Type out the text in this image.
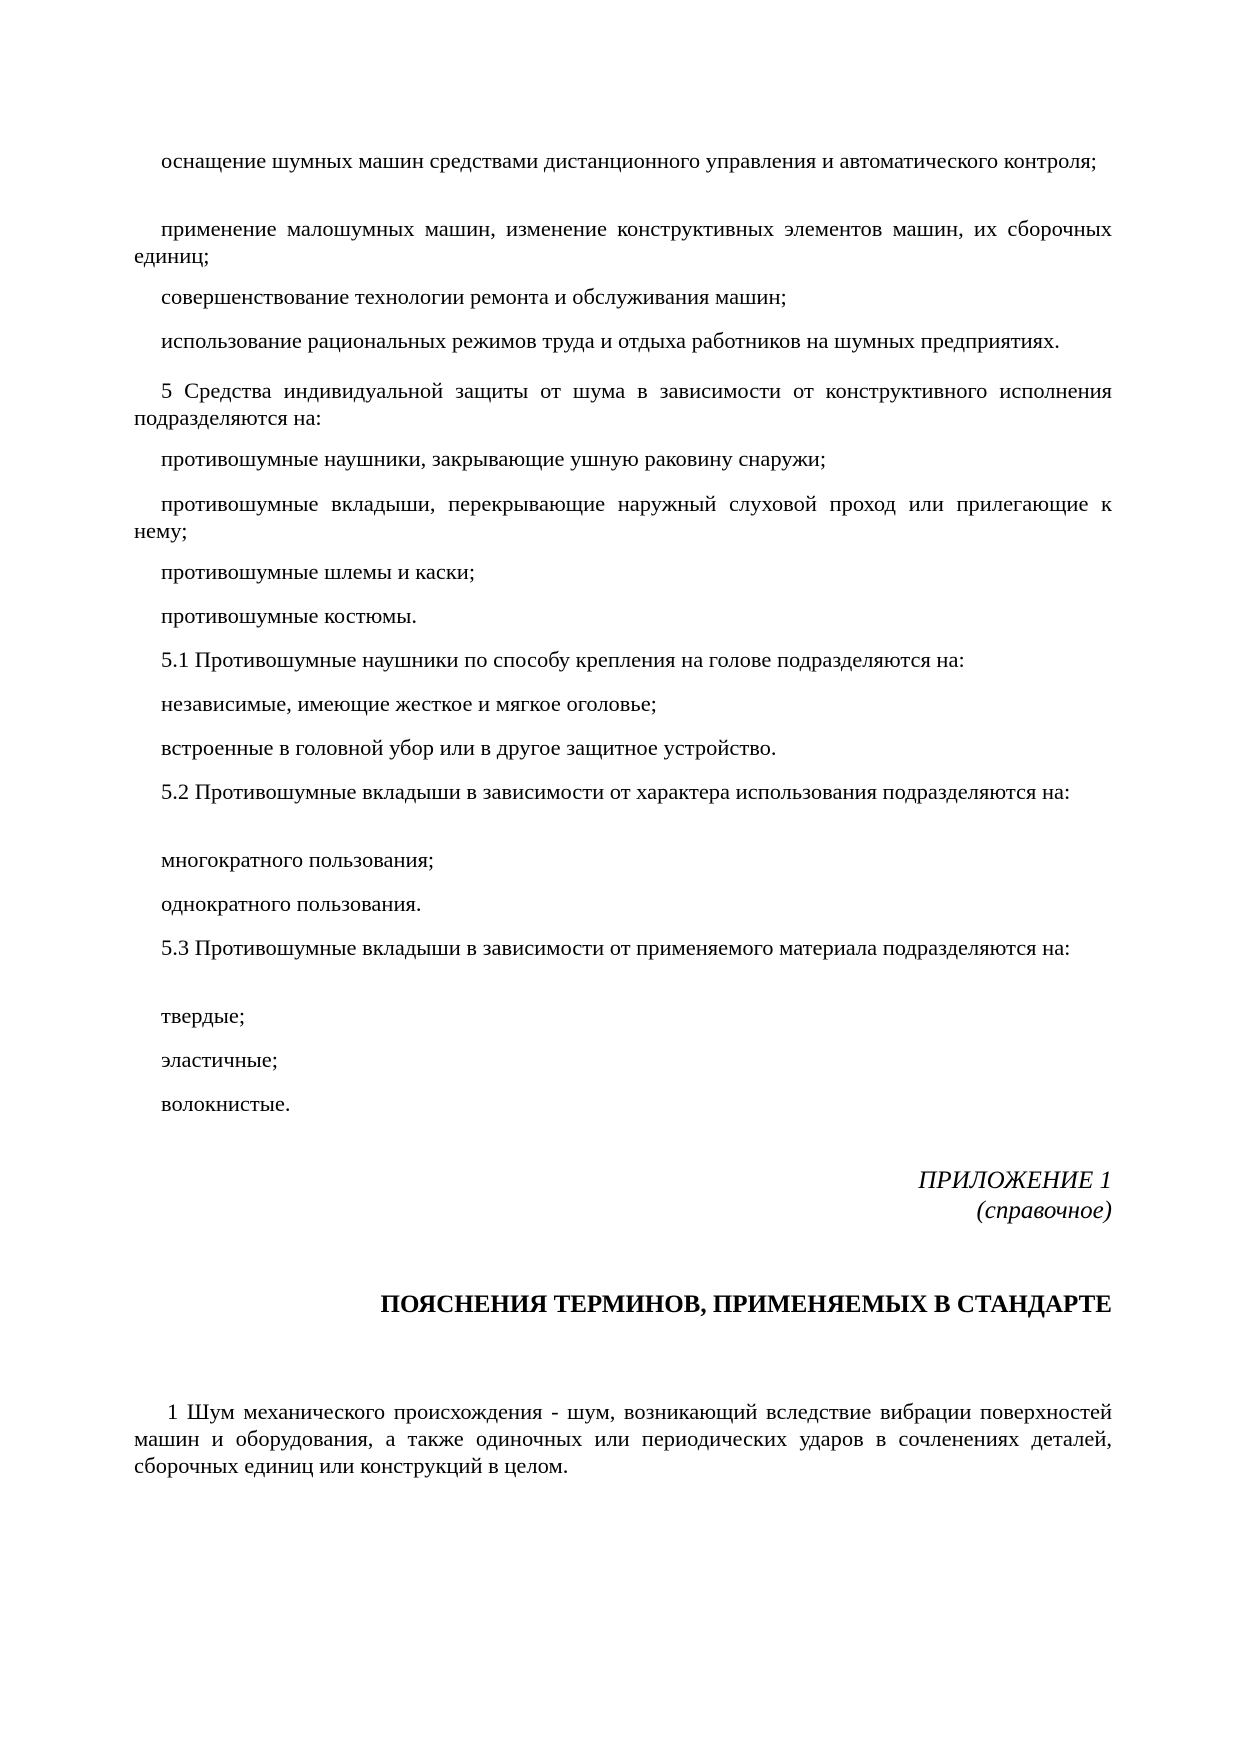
оснащение шумных машин средствами дистанционного управления и автоматического контроля;

применение малошумных машин, изменение конструктивных элементов машин, их сборочных единиц;

совершенствование технологии ремонта и обслуживания машин;

использование рациональных режимов труда и отдыха работников на шумных предприятиях.

5 Средства индивидуальной защиты от шума в зависимости от конструктивного исполнения подразделяются на:

противошумные наушники, закрывающие ушную раковину снаружи;

противошумные вкладыши, перекрывающие наружный слуховой проход или прилегающие к нему;

противошумные шлемы и каски;

противошумные костюмы.

5.1 Противошумные наушники по способу крепления на голове подразделяются на:

независимые, имеющие жесткое и мягкое оголовье;

встроенные в головной убор или в другое защитное устройство.

5.2 Противошумные вкладыши в зависимости от характера использования подразделяются на:

многократного пользования;

однократного пользования.

5.3 Противошумные вкладыши в зависимости от применяемого материала подразделяются на:

твердые;

эластичные;

волокнистые.

ПРИЛОЖЕНИЕ 1
(справочное)
ПОЯСНЕНИЯ ТЕРМИНОВ, ПРИМЕНЯЕМЫХ В СТАНДАРТЕ

1 Шум механического происхождения - шум, возникающий вследствие вибрации поверхностей машин и оборудования, а также одиночных или периодических ударов в сочленениях деталей, сборочных единиц или конструкций в целом.
